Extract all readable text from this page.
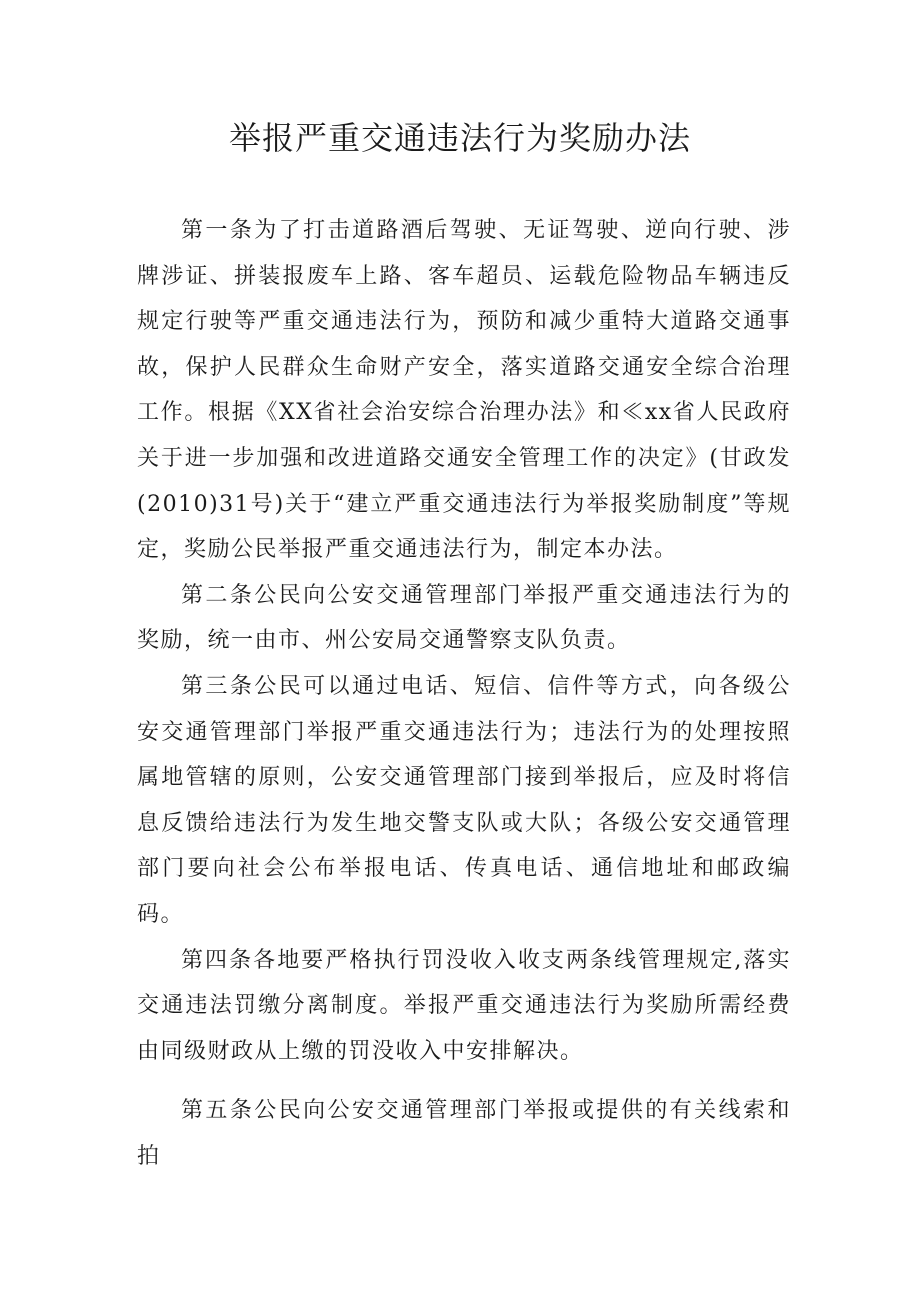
举报严重交通违法行为奖励办法

第一条为了打击道路酒后驾驶、无证驾驶、逆向行驶、涉牌涉证、拼装报废车上路、客车超员、运载危险物品车辆违反规定行驶等严重交通违法行为，预防和减少重特大道路交通事故，保护人民群众生命财产安全，落实道路交通安全综合治理工作。根据《XX省社会治安综合治理办法》和≪xx省人民政府关于进一步加强和改进道路交通安全管理工作的决定》(甘政发(2010)31号)关于“建立严重交通违法行为举报奖励制度”等规定，奖励公民举报严重交通违法行为，制定本办法。

第二条公民向公安交通管理部门举报严重交通违法行为的奖励，统一由市、州公安局交通警察支队负责。

第三条公民可以通过电话、短信、信件等方式，向各级公安交通管理部门举报严重交通违法行为；违法行为的处理按照属地管辖的原则，公安交通管理部门接到举报后，应及时将信息反馈给违法行为发生地交警支队或大队；各级公安交通管理部门要向社会公布举报电话、传真电话、通信地址和邮政编码。

第四条各地要严格执行罚没收入收支两条线管理规定,落实交通违法罚缴分离制度。举报严重交通违法行为奖励所需经费由同级财政从上缴的罚没收入中安排解决。

第五条公民向公安交通管理部门举报或提供的有关线索和拍
